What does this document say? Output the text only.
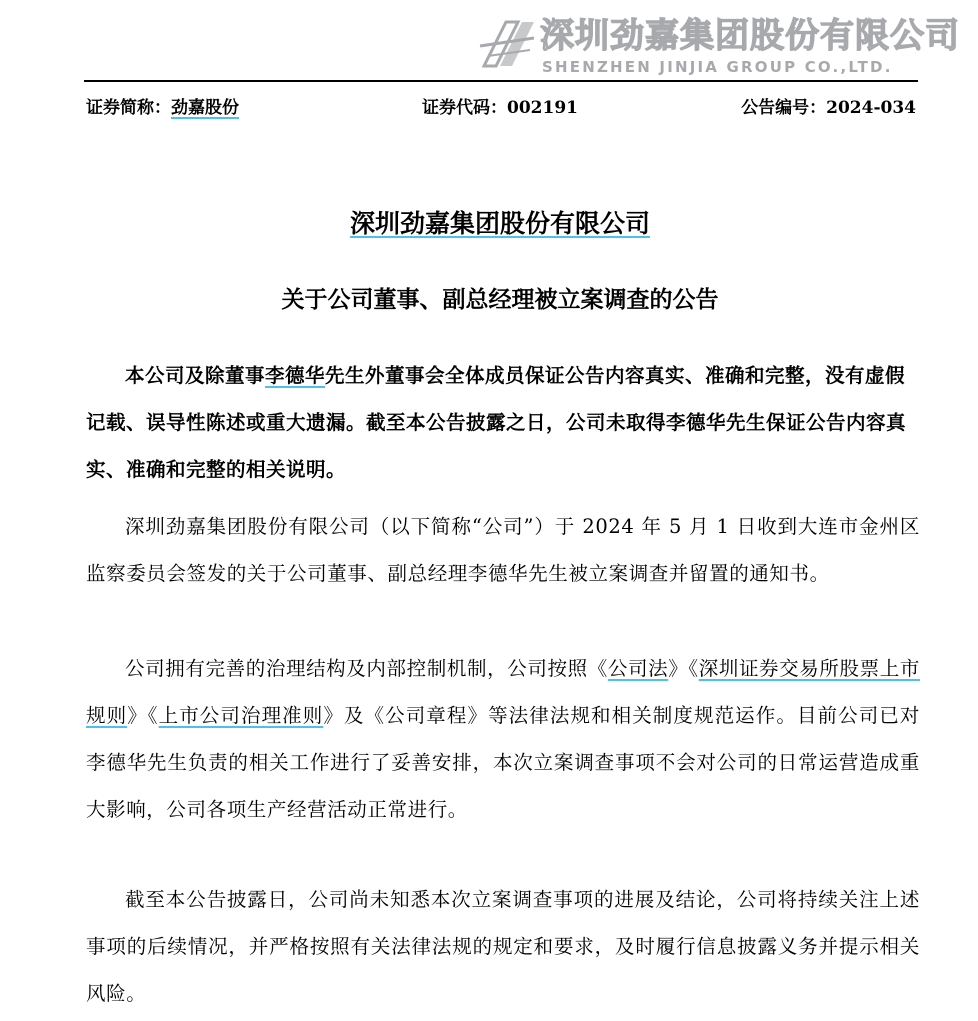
深圳劲嘉集团股份有限公司
SHENZHEN JINJIA GROUP CO.,LTD.
证券简称：劲嘉股份	证券代码：002191	公告编号：2024-034
深圳劲嘉集团股份有限公司
关于公司董事、副总经理被立案调查的公告

本公司及除董事李德华先生外董事会全体成员保证公告内容真实、准确和完整，没有虚假记载、误导性陈述或重大遗漏。截至本公告披露之日，公司未取得李德华先生保证公告内容真实、准确和完整的相关说明。

深圳劲嘉集团股份有限公司（以下简称“公司”）于 2024 年 5 月 1 日收到大连市金州区监察委员会签发的关于公司董事、副总经理李德华先生被立案调查并留置的通知书。

公司拥有完善的治理结构及内部控制机制，公司按照《公司法》《深圳证券交易所股票上市规则》《上市公司治理准则》及《公司章程》等法律法规和相关制度规范运作。目前公司已对李德华先生负责的相关工作进行了妥善安排，本次立案调查事项不会对公司的日常运营造成重大影响，公司各项生产经营活动正常进行。

截至本公告披露日，公司尚未知悉本次立案调查事项的进展及结论，公司将持续关注上述事项的后续情况，并严格按照有关法律法规的规定和要求，及时履行信息披露义务并提示相关风险。
